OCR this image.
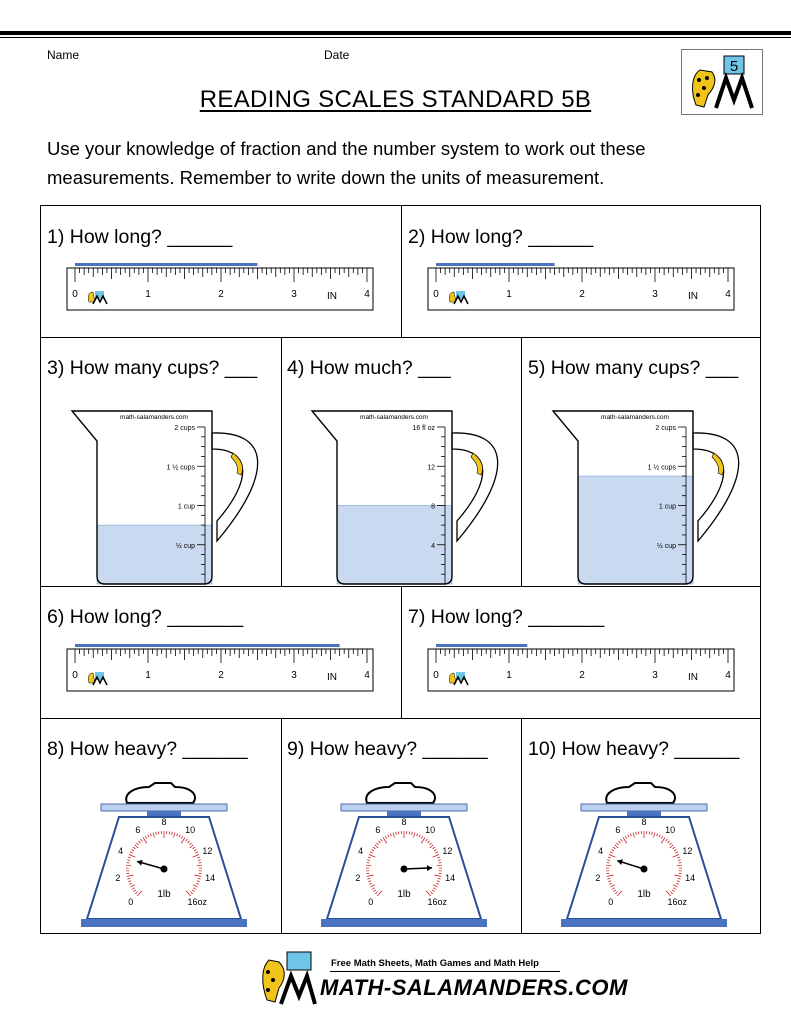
Name	Date
READING SCALES STANDARD 5B
5
Use your knowledge of fraction and the number system to work out these
measurements. Remember to write down the units of measurement.
1) How long? ______	2) How long? ______
3) How many cups? ___ 4) How much? ___	5) How many cups? ___
6) How long? _______	7) How long? _______
8) How heavy? ______ 9) How heavy? ______ 10) How heavy? ______
0	1	2	3	4
IN	0	1	2	3	4
IN
0	1	2	3	4
IN	0	1	2	3	4
IN
math-salamanders.com
2 cups
1 ½ cups
1 cup
½ cup
math-salamanders.com
16 fl oz
12
8
4
math-salamanders.com
2 cups
1 ½ cups
1 cup
½ cup
0
2
4
6
8
10
12
14
16oz
1lb
0
2
4
6
8
10
12
14
16oz
1lb
0
2
4
6
8
10
12
14
16oz
1lb
Free Math Sheets, Math Games and Math Help
MATH-SALAMANDERS.COM
